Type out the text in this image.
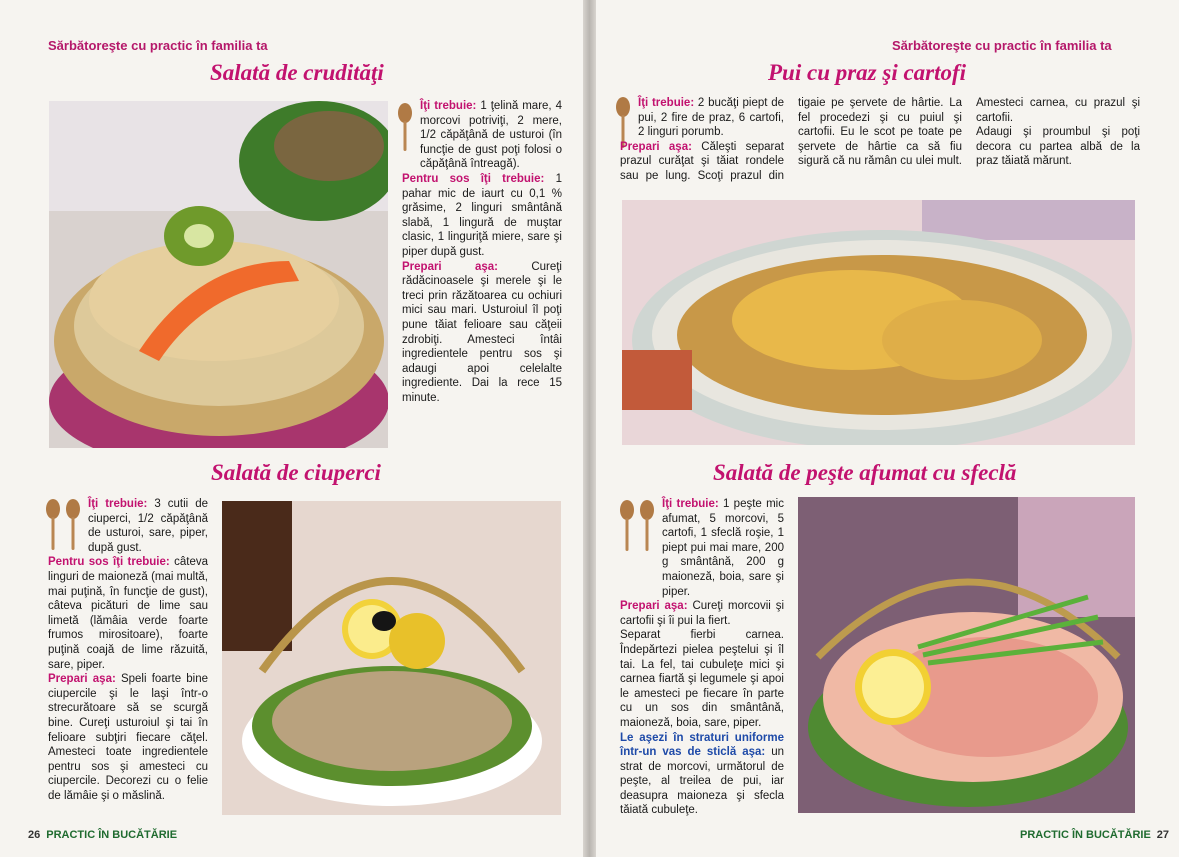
Sărbătoreşte cu practic în familia ta
Salată de crudităţi

Îţi trebuie: 1 ţelină mare, 4 morcovi potriviţi, 2 mere, 1/2 căpăţână de usturoi (în funcţie de gust poţi folosi o căpăţână întreagă).

Pentru sos îţi trebuie: 1 pahar mic de iaurt cu 0,1 % grăsime, 2 linguri smântână slabă, 1 lingură de muştar clasic, 1 linguriţă miere, sare şi piper după gust.

Prepari aşa:	Cureţi rădăcinoasele şi merele şi le treci prin răzătoarea cu ochiuri mici sau mari. Usturoiul îl poţi pune tăiat felioare sau căţeii zdrobiţi. Amesteci întâi ingredientele pentru sos şi adaugi apoi celelalte ingrediente. Dai la rece 15 minute.

Salată de ciuperci

Îţi trebuie: 3 cutii de ciuperci, 1/2 căpăţână de usturoi, sare, piper, după gust.

Pentru sos îţi trebuie: câteva linguri de maioneză (mai multă, mai puţină, în funcţie de gust), câteva picături de lime sau limetă (lămâia verde foarte frumos mirositoare), foarte puţină coajă de lime răzuită, sare, piper.

Prepari aşa: Speli foarte bine ciupercile şi le laşi într-o strecurătoare să se scurgă bine. Cureţi usturoiul şi tai în felioare subţiri fiecare căţel. Amesteci toate ingredientele pentru sos şi amesteci cu ciupercile. Decorezi cu o felie de lămâie şi o măslină.

26 PRACTIC ÎN BUCĂTĂRIE
Sărbătoreşte cu practic în familia ta
Pui cu praz şi cartofi

Îţi trebuie: 2 bucăţi piept de pui, 2 fire de praz, 6 cartofi, 2 linguri porumb.

Prepari aşa: Căleşti separat prazul curăţat şi tăiat rondele sau pe lung. Scoţi prazul din tigaie pe şervete de hârtie. La fel procedezi şi cu puiul şi cartofii. Eu le scot pe toate pe şervete de hârtie ca să fiu sigură că nu rămân cu ulei mult. Amesteci carnea, cu prazul şi cartofii.

Adaugi şi proumbul şi poţi decora cu partea albă de la praz tăiată mărunt.

Salată de peşte afumat cu sfeclă

Îţi trebuie: 1 peşte mic afumat, 5 morcovi, 5 cartofi, 1 sfeclă roşie, 1 piept pui mai mare, 200 g smântână, 200 g maioneză, boia, sare şi piper.

Prepari aşa: Cureţi morcovii şi cartofii şi îi pui la fiert.

Separat fierbi carnea. Îndepărtezi pielea peştelui şi îl tai. La fel, tai cubuleţe mici şi carnea fiartă şi legumele şi apoi le amesteci pe fiecare în parte cu un sos din smântână, maioneză, boia, sare, piper.

Le aşezi în straturi uniforme într-un vas de sticlă aşa: un strat de morcovi, următorul de peşte, al treilea de pui, iar deasupra maioneza şi sfecla tăiată cubuleţe.

PRACTIC ÎN BUCĂTĂRIE 27
